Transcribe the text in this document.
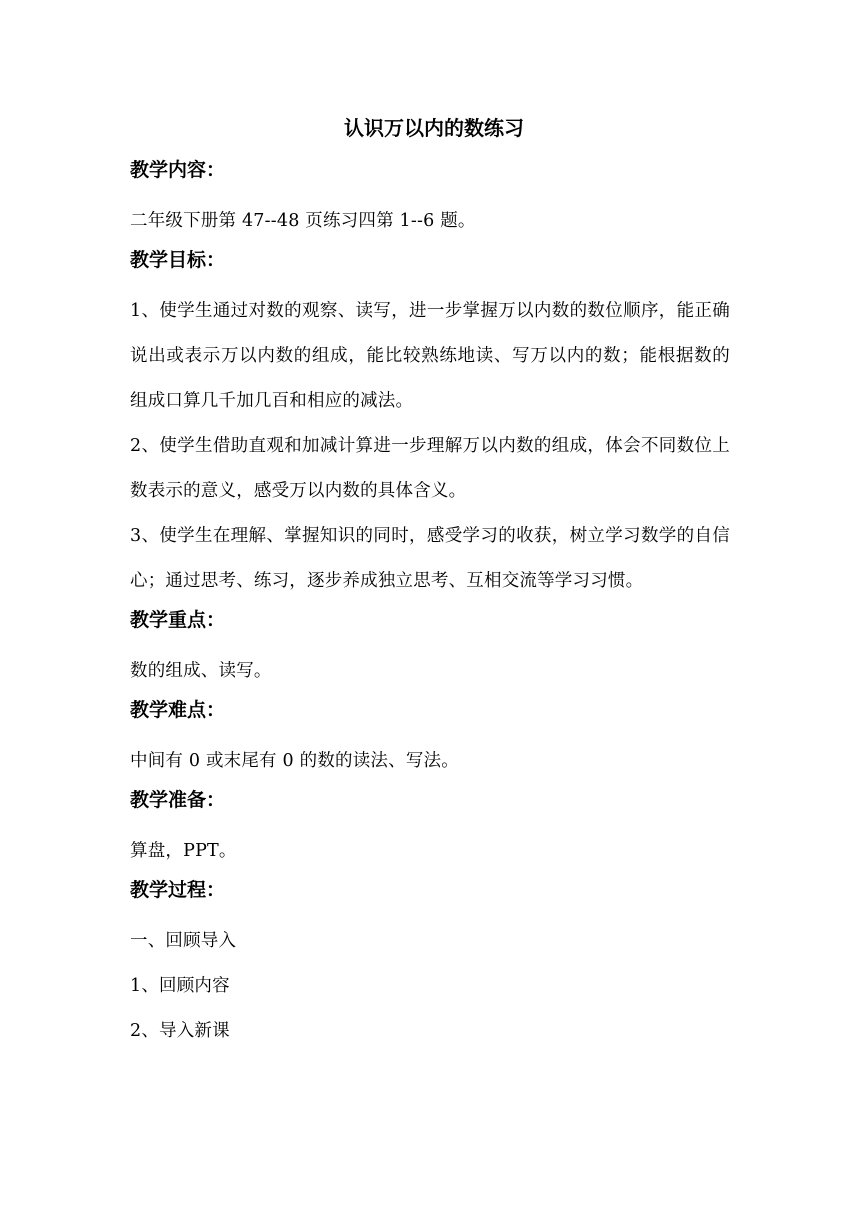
认识万以内的数练习
教学内容：

二年级下册第 47--48 页练习四第 1--6 题。

教学目标：

1、使学生通过对数的观察、读写，进一步掌握万以内数的数位顺序，能正确说出或表示万以内数的组成，能比较熟练地读、写万以内的数；能根据数的组成口算几千加几百和相应的减法。

2、使学生借助直观和加减计算进一步理解万以内数的组成，体会不同数位上数表示的意义，感受万以内数的具体含义。

3、使学生在理解、掌握知识的同时，感受学习的收获，树立学习数学的自信心；通过思考、练习，逐步养成独立思考、互相交流等学习习惯。

教学重点：

数的组成、读写。

教学难点：

中间有 0 或末尾有 0 的数的读法、写法。

教学准备：

算盘，PPT。

教学过程：

一、回顾导入

1、回顾内容

2、导入新课
